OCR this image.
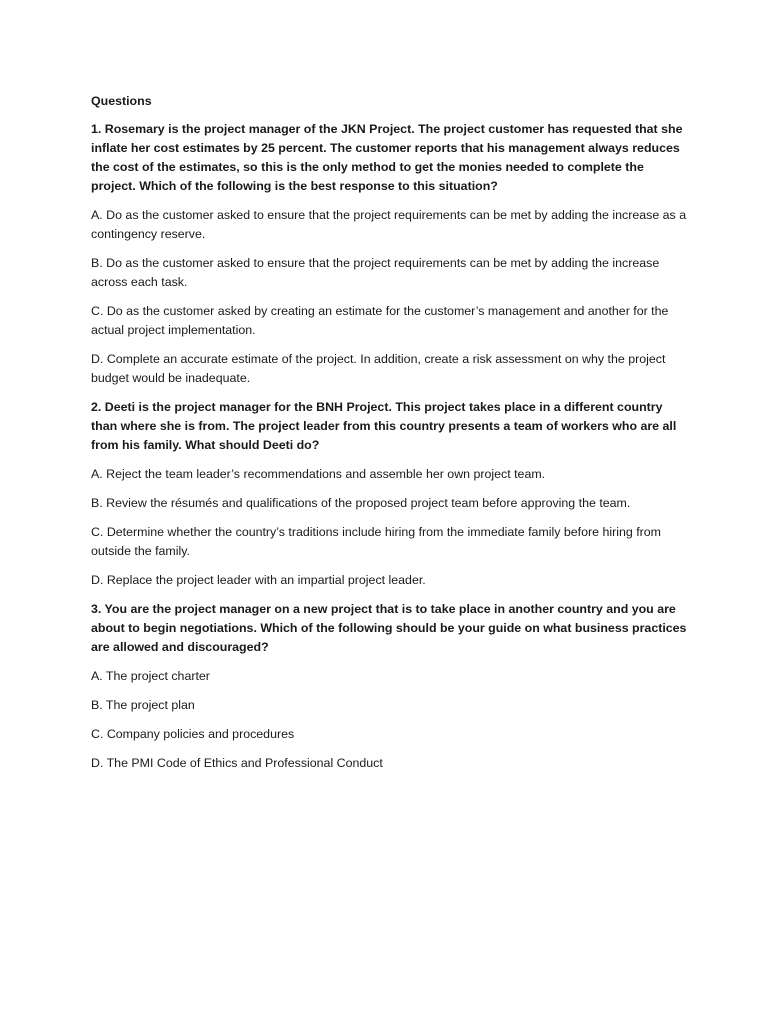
Questions

1. Rosemary is the project manager of the JKN Project. The project customer has requested that she inflate her cost estimates by 25 percent. The customer reports that his management always reduces the cost of the estimates, so this is the only method to get the monies needed to complete the project. Which of the following is the best response to this situation?

A. Do as the customer asked to ensure that the project requirements can be met by adding the increase as a contingency reserve.

B. Do as the customer asked to ensure that the project requirements can be met by adding the increase across each task.

C. Do as the customer asked by creating an estimate for the customer’s management and another for the actual project implementation.

D. Complete an accurate estimate of the project. In addition, create a risk assessment on why the project budget would be inadequate.

2. Deeti is the project manager for the BNH Project. This project takes place in a different country than where she is from. The project leader from this country presents a team of workers who are all from his family. What should Deeti do?

A. Reject the team leader’s recommendations and assemble her own project team.

B. Review the résumés and qualifications of the proposed project team before approving the team.

C. Determine whether the country’s traditions include hiring from the immediate family before hiring from outside the family.

D. Replace the project leader with an impartial project leader.

3. You are the project manager on a new project that is to take place in another country and you are about to begin negotiations. Which of the following should be your guide on what business practices are allowed and discouraged?

A. The project charter

B. The project plan

C. Company policies and procedures

D. The PMI Code of Ethics and Professional Conduct
